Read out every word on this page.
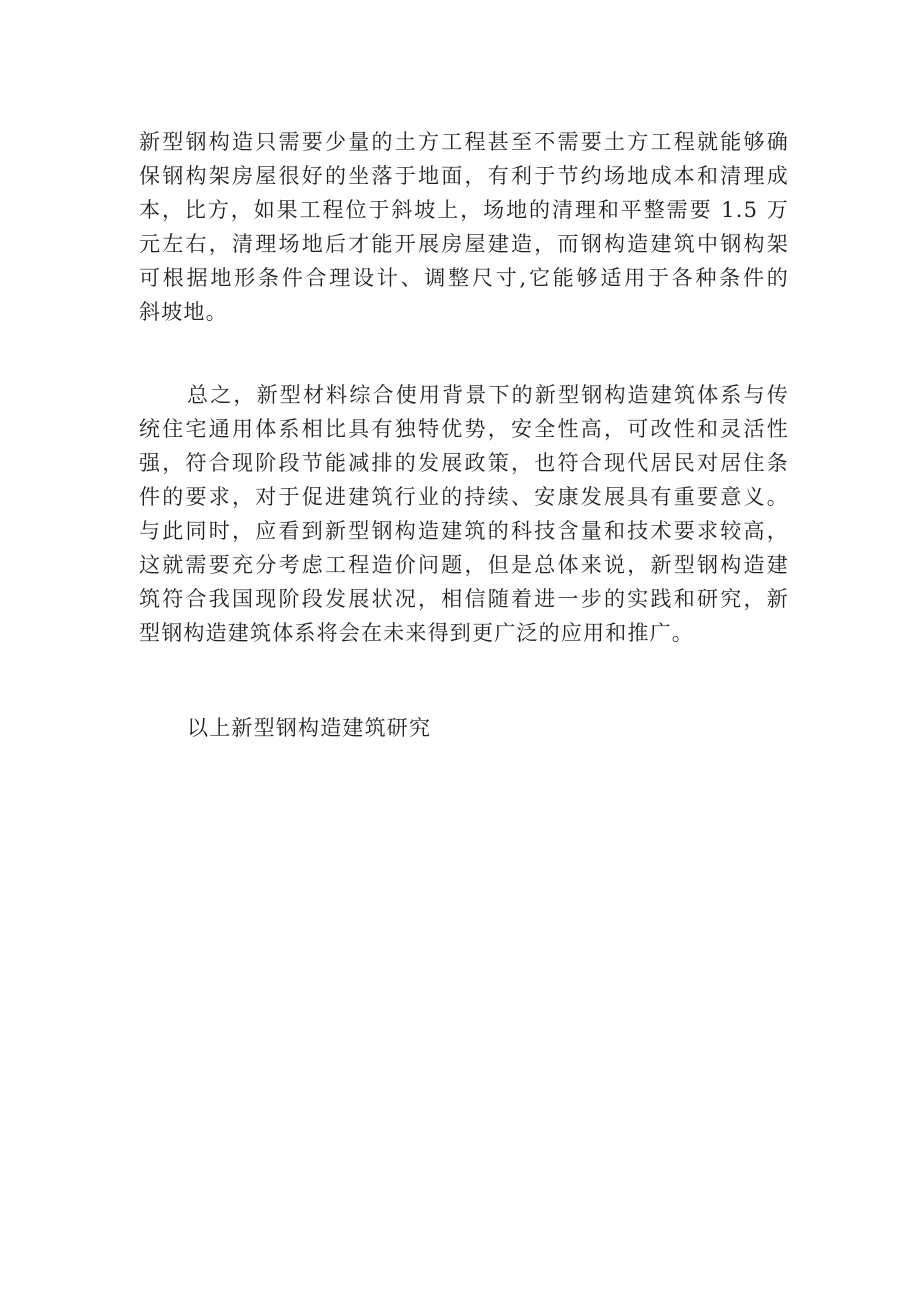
新型钢构造只需要少量的土方工程甚至不需要土方工程就能够确
保钢构架房屋很好的坐落于地面，有利于节约场地成本和清理成
本，比方，如果工程位于斜坡上，场地的清理和平整需要 1.5 万
元左右，清理场地后才能开展房屋建造，而钢构造建筑中钢构架
可根据地形条件合理设计、调整尺寸,它能够适用于各种条件的
斜坡地。
总之，新型材料综合使用背景下的新型钢构造建筑体系与传
统住宅通用体系相比具有独特优势，安全性高，可改性和灵活性
强，符合现阶段节能减排的发展政策，也符合现代居民对居住条
件的要求，对于促进建筑行业的持续、安康发展具有重要意义。
与此同时，应看到新型钢构造建筑的科技含量和技术要求较高，
这就需要充分考虑工程造价问题，但是总体来说，新型钢构造建
筑符合我国现阶段发展状况，相信随着进一步的实践和研究，新
型钢构造建筑体系将会在未来得到更广泛的应用和推广。
以上新型钢构造建筑研究
